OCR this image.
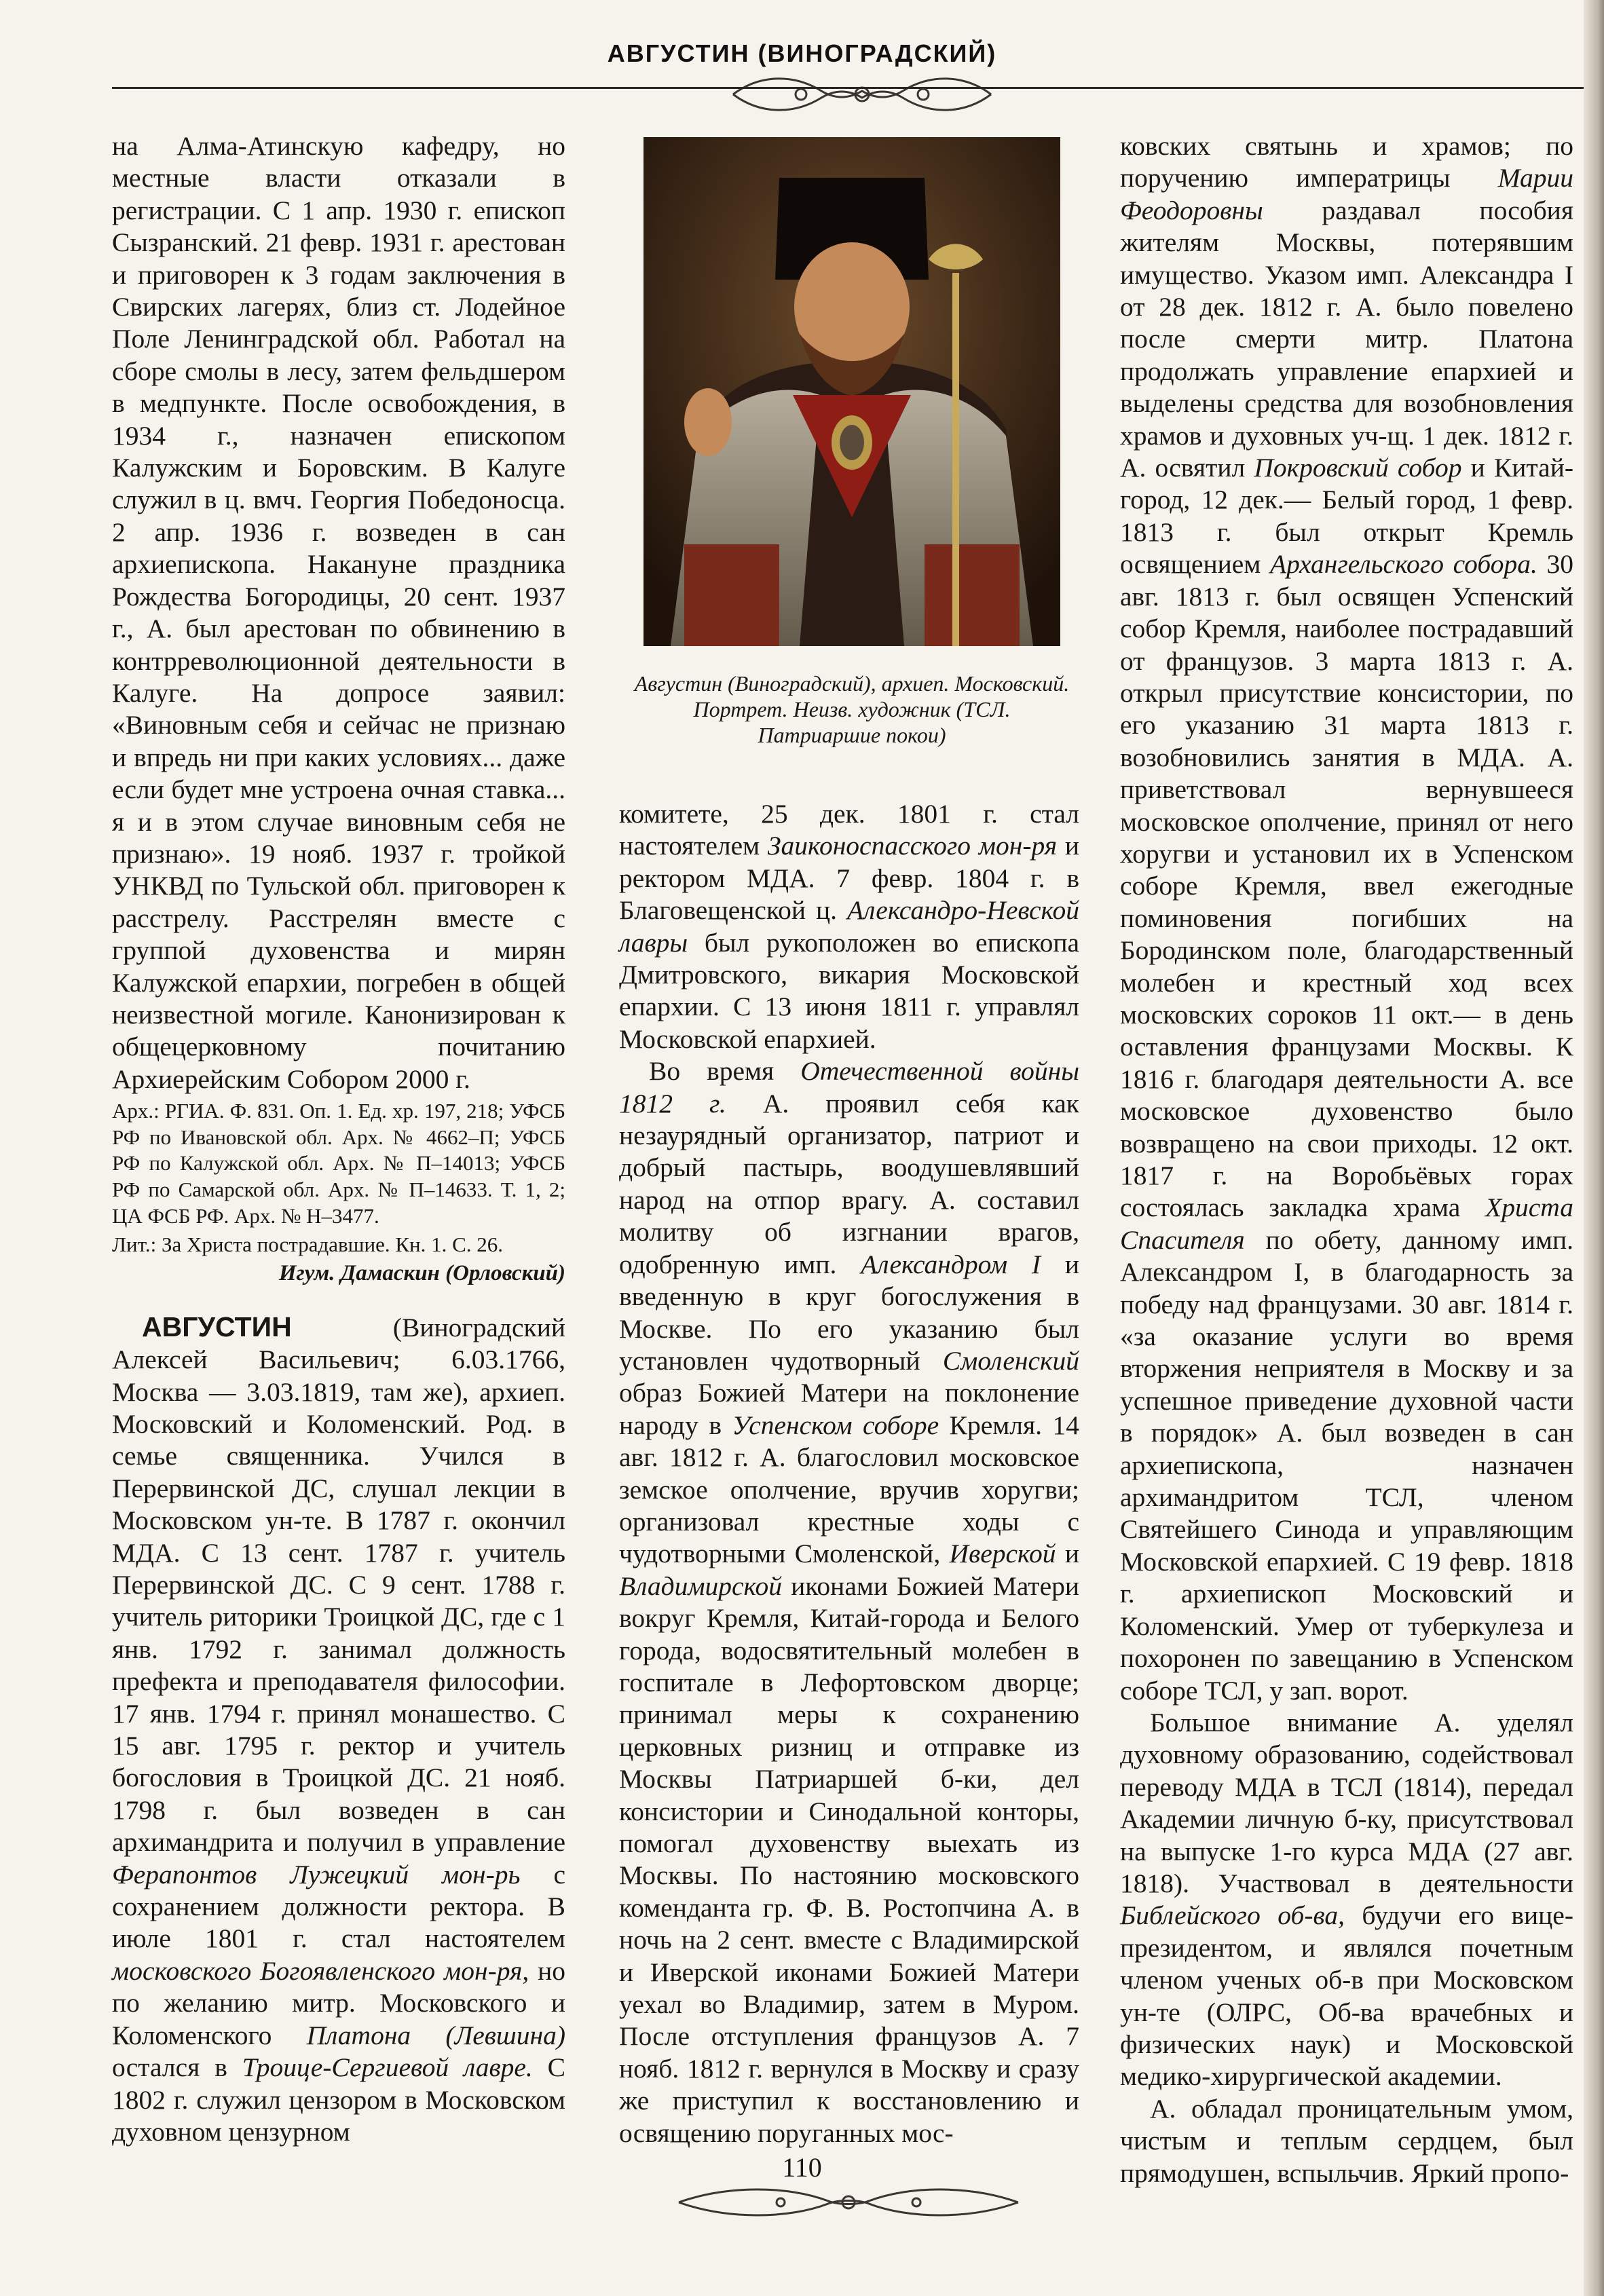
АВГУСТИН (ВИНОГРАДСКИЙ)

на Алма-Атинскую кафедру, но местные власти отказали в регистрации. С 1 апр. 1930 г. епископ Сызранский. 21 февр. 1931 г. арестован и приговорен к 3 годам заключения в Свирских лагерях, близ ст. Лодейное Поле Ленинградской обл. Работал на сборе смолы в лесу, затем фельдшером в медпункте. После освобождения, в 1934 г., назначен епископом Калужским и Боровским. В Калуге служил в ц. вмч. Георгия Победоносца. 2 апр. 1936 г. возведен в сан архиепископа. Накануне праздника Рождества Богородицы, 20 сент. 1937 г., А. был арестован по обвинению в контрреволюционной деятельности в Калуге. На допросе заявил: «Виновным себя и сейчас не признаю и впредь ни при каких условиях... даже если будет мне устроена очная ставка... я и в этом случае виновным себя не признаю». 19 нояб. 1937 г. тройкой УНКВД по Тульской обл. приговорен к расстрелу. Расстрелян вместе с группой духовенства и мирян Калужской епархии, погребен в общей неизвестной могиле. Канонизирован к общецерковному почитанию Архиерейским Собором 2000 г.

Арх.: РГИА. Ф. 831. Оп. 1. Ед. хр. 197, 218; УФСБ РФ по Ивановской обл. Арх. № 4662–П; УФСБ РФ по Калужской обл. Арх. № П–14013; УФСБ РФ по Самарской обл. Арх. № П–14633. Т. 1, 2; ЦА ФСБ РФ. Арх. № Н–3477.

Лит.: За Христа пострадавшие. Кн. 1. С. 26.

Игум. Дамаскин (Орловский)

АВГУСТИН (Виноградский Алексей Васильевич; 6.03.1766, Москва — 3.03.1819, там же), архиеп. Московский и Коломенский. Род. в семье священника. Учился в Перервинской ДС, слушал лекции в Московском ун-те. В 1787 г. окончил МДА. С 13 сент. 1787 г. учитель Перервинской ДС. С 9 сент. 1788 г. учитель риторики Троицкой ДС, где с 1 янв. 1792 г. занимал должность префекта и преподавателя философии. 17 янв. 1794 г. принял монашество. С 15 авг. 1795 г. ректор и учитель богословия в Троицкой ДС. 21 нояб. 1798 г. был возведен в сан архимандрита и получил в управление Ферапонтов Лужецкий мон-рь с сохранением должности ректора. В июле 1801 г. стал настоятелем московского Богоявленского мон-ря, но по желанию митр. Московского и Коломенского Платона (Левшина) остался в Троице-Сергиевой лавре. С 1802 г. служил цензором в Московском духовном цензурном

Августин (Виноградский), архиеп. Московский. Портрет. Неизв. художник (ТСЛ. Патриаршие покои)

комитете, 25 дек. 1801 г. стал настоятелем Заиконоспасского мон-ря и ректором МДА. 7 февр. 1804 г. в Благовещенской ц. Александро-Невской лавры был рукоположен во епископа Дмитровского, викария Московской епархии. С 13 июня 1811 г. управлял Московской епархией.

Во время Отечественной войны 1812 г. А. проявил себя как незаурядный организатор, патриот и добрый пастырь, воодушевлявший народ на отпор врагу. А. составил молитву об изгнании врагов, одобренную имп. Александром I и введенную в круг богослужения в Москве. По его указанию был установлен чудотворный Смоленский образ Божией Матери на поклонение народу в Успенском соборе Кремля. 14 авг. 1812 г. А. благословил московское земское ополчение, вручив хоругви; организовал крестные ходы с чудотворными Смоленской, Иверской и Владимирской иконами Божией Матери вокруг Кремля, Китай-города и Белого города, водосвятительный молебен в госпитале в Лефортовском дворце; принимал меры к сохранению церковных ризниц и отправке из Москвы Патриаршей б-ки, дел консистории и Синодальной конторы, помогал духовенству выехать из Москвы. По настоянию московского коменданта гр. Ф. В. Ростопчина А. в ночь на 2 сент. вместе с Владимирской и Иверской иконами Божией Матери уехал во Владимир, затем в Муром. После отступления французов А. 7 нояб. 1812 г. вернулся в Москву и сразу же приступил к восстановлению и освящению поруганных мос-

ковских святынь и храмов; по поручению императрицы Марии Феодоровны раздавал пособия жителям Москвы, потерявшим имущество. Указом имп. Александра I от 28 дек. 1812 г. А. было повелено после смерти митр. Платона продолжать управление епархией и выделены средства для возобновления храмов и духовных уч-щ. 1 дек. 1812 г. А. освятил Покровский собор и Китай-город, 12 дек.— Белый город, 1 февр. 1813 г. был открыт Кремль освящением Архангельского собора. 30 авг. 1813 г. был освящен Успенский собор Кремля, наиболее пострадавший от французов. 3 марта 1813 г. А. открыл присутствие консистории, по его указанию 31 марта 1813 г. возобновились занятия в МДА. А. приветствовал вернувшееся московское ополчение, принял от него хоругви и установил их в Успенском соборе Кремля, ввел ежегодные поминовения погибших на Бородинском поле, благодарственный молебен и крестный ход всех московских сороков 11 окт.— в день оставления французами Москвы. К 1816 г. благодаря деятельности А. все московское духовенство было возвращено на свои приходы. 12 окт. 1817 г. на Воробьёвых горах состоялась закладка храма Христа Спасителя по обету, данному имп. Александром I, в благодарность за победу над французами. 30 авг. 1814 г. «за оказание услуги во время вторжения неприятеля в Москву и за успешное приведение духовной части в порядок» А. был возведен в сан архиепископа, назначен архимандритом ТСЛ, членом Святейшего Синода и управляющим Московской епархией. С 19 февр. 1818 г. архиепископ Московский и Коломенский. Умер от туберкулеза и похоронен по завещанию в Успенском соборе ТСЛ, у зап. ворот.

Большое внимание А. уделял духовному образованию, содействовал переводу МДА в ТСЛ (1814), передал Академии личную б-ку, присутствовал на выпуске 1-го курса МДА (27 авг. 1818). Участвовал в деятельности Библейского об-ва, будучи его вице-президентом, и являлся почетным членом ученых об-в при Московском ун-те (ОЛРС, Об-ва врачебных и физических наук) и Московской медико-хирургической академии.

А. обладал проницательным умом, чистым и теплым сердцем, был прямодушен, вспыльчив. Яркий пропо-

110
